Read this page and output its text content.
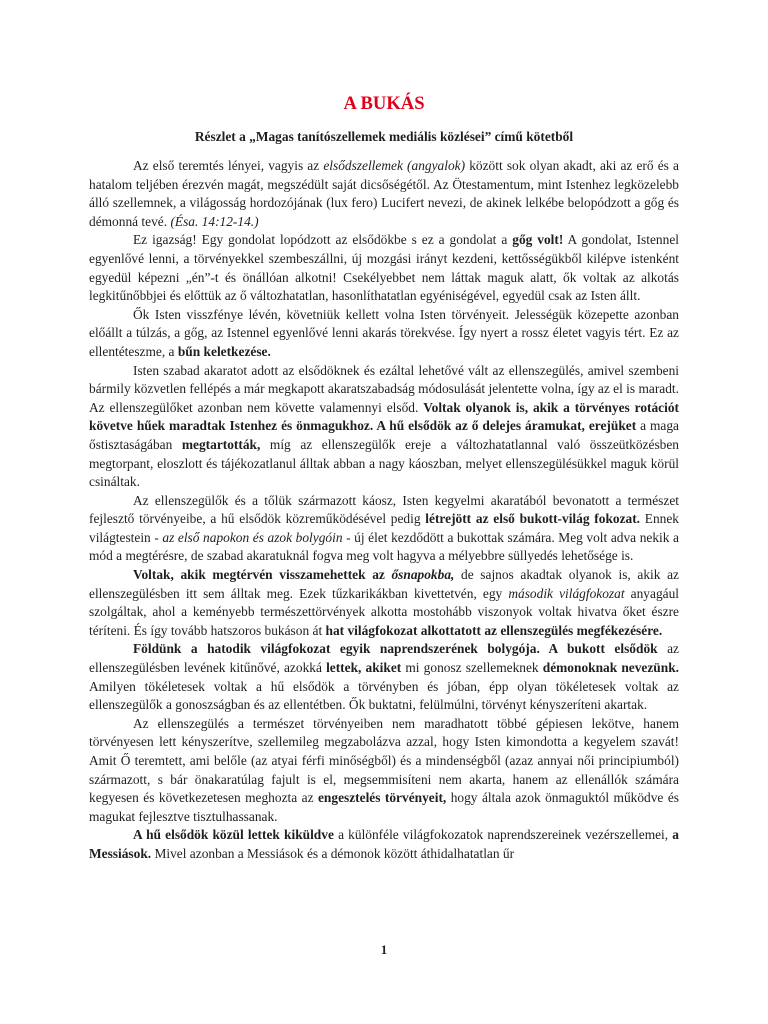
A BUKÁS
Részlet a „Magas tanítószellemek mediális közlései” című kötetből

Az első teremtés lényei, vagyis az elsődszellemek (angyalok) között sok olyan akadt, aki az erő és a hatalom teljében érezvén magát, megszédült saját dicsőségétől. Az Ötestamentum, mint Istenhez legközelebb álló szellemnek, a világosság hordozójának (lux fero) Lucifert nevezi, de akinek lelkébe belopódzott a gőg és démonná tevé. (Ésa. 14:12-14.)

Ez igazság! Egy gondolat lopódzott az elsődökbe s ez a gondolat a gőg volt! A gondolat, Istennel egyenlővé lenni, a törvényekkel szembeszállni, új mozgási irányt kezdeni, kettősségükből kilépve istenként egyedül képezni „én”-t és önállóan alkotni! Csekélyebbet nem láttak maguk alatt, ők voltak az alkotás legkitűnőbbjei és előttük az ő változhatatlan, hasonlíthatatlan egyéniségével, egyedül csak az Isten állt.

Ők Isten visszfénye lévén, követniük kellett volna Isten törvényeit. Jelességük közepette azonban előállt a túlzás, a gőg, az Istennel egyenlővé lenni akarás törekvése. Így nyert a rossz életet vagyis tért. Ez az ellentéteszme, a bűn keletkezése.

Isten szabad akaratot adott az elsődöknek és ezáltal lehetővé vált az ellenszegülés, amivel szembeni bármily közvetlen fellépés a már megkapott akaratszabadság módosulását jelentette volna, így az el is maradt. Az ellenszegülőket azonban nem követte valamennyi elsőd. Voltak olyanok is, akik a törvényes rotációt követve hűek maradtak Istenhez és önmagukhoz. A hű elsődök az ő delejes áramukat, erejüket a maga őstisztaságában megtartották, míg az ellenszegülők ereje a változhatatlannal való összeütközésben megtorpant, eloszlott és tájékozatlanul álltak abban a nagy káoszban, melyet ellenszegülésükkel maguk körül csináltak.

Az ellenszegülők és a tőlük származott káosz, Isten kegyelmi akaratából bevonatott a természet fejlesztő törvényeibe, a hű elsődök közreműködésével pedig létrejött az első bukott-világ fokozat. Ennek világtestein - az első napokon és azok bolygóin - új élet kezdődött a bukottak számára. Meg volt adva nekik a mód a megtérésre, de szabad akaratuknál fogva meg volt hagyva a mélyebbre süllyedés lehetősége is.

Voltak, akik megtérvén visszamehettek az ősnapokba, de sajnos akadtak olyanok is, akik az ellenszegülésben itt sem álltak meg. Ezek tűzkarikákban kivettetvén, egy második világfokozat anyagául szolgáltak, ahol a keményebb természettörvények alkotta mostohább viszonyok voltak hivatva őket észre téríteni. És így tovább hatszoros bukáson át hat világfokozat alkottatott az ellenszegülés megfékezésére.

Földünk a hatodik világfokozat egyik naprendszerének bolygója. A bukott elsődök az ellenszegülésben levének kitűnővé, azokká lettek, akiket mi gonosz szellemeknek démonoknak nevezünk. Amilyen tökéletesek voltak a hű elsődök a törvényben és jóban, épp olyan tökéletesek voltak az ellenszegülők a gonoszságban és az ellentétben. Ők buktatni, felülmúlni, törvényt kényszeríteni akartak.

Az ellenszegülés a természet törvényeiben nem maradhatott többé gépiesen lekötve, hanem törvényesen lett kényszerítve, szellemileg megzabolázva azzal, hogy Isten kimondotta a kegyelem szavát! Amit Ő teremtett, ami belőle (az atyai férfi minőségből) és a mindenségből (azaz annyai női principiumból) származott, s bár önakaratúlag fajult is el, megsemmisíteni nem akarta, hanem az ellenállók számára kegyesen és következetesen meghozta az engesztelés törvényeit, hogy általa azok önmaguktól működve és magukat fejlesztve tisztulhassanak.

A hű elsődök közül lettek kiküldve a különféle világfokozatok naprendszereinek vezérszellemei, a Messiások. Mivel azonban a Messiások és a démonok között áthidalhatatlan űr

1
